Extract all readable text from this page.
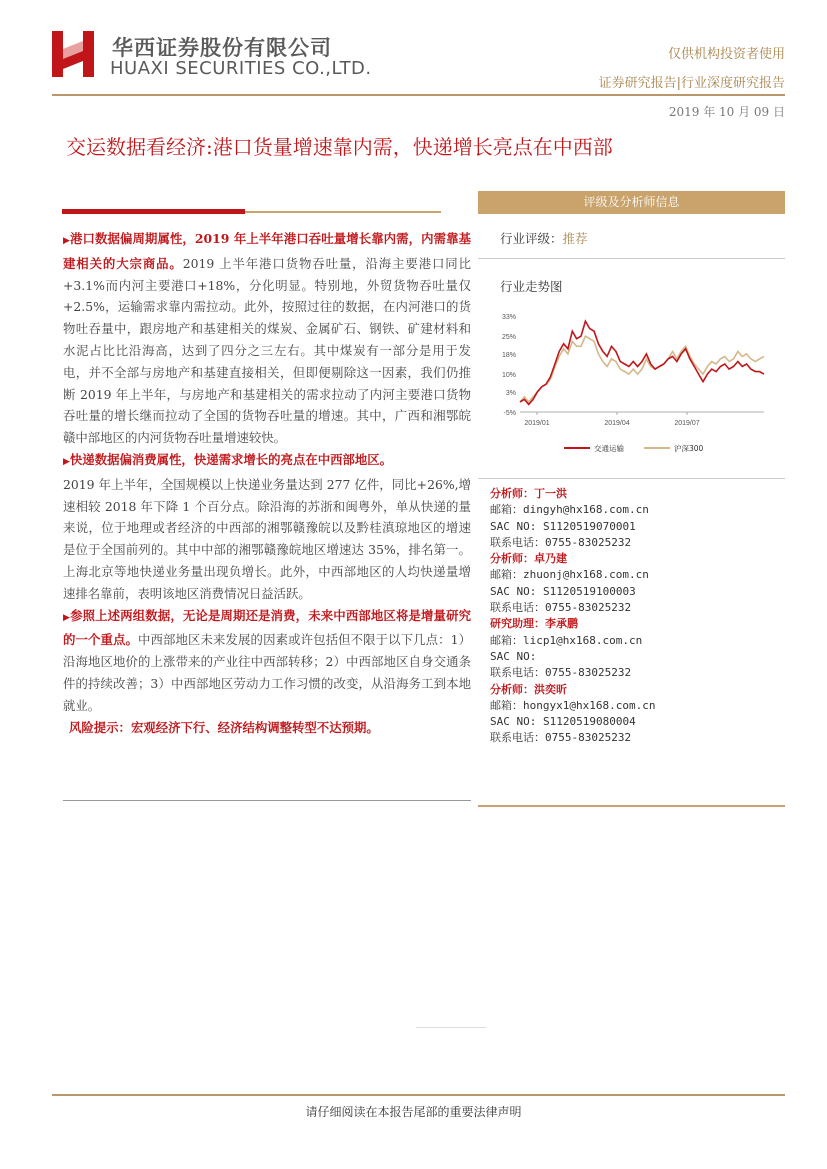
华西证券股份有限公司
HUAXI SECURITIES CO.,LTD.
仅供机构投资者使用
证券研究报告|行业深度研究报告
2019 年 10 月 09 日
交运数据看经济:港口货量增速靠内需，快递增长亮点在中西部

▶港口数据偏周期属性，2019 年上半年港口吞吐量增长靠内需，内需靠基建相关的大宗商品。2019 上半年港口货物吞吐量，沿海主要港口同比+3.1%而内河主要港口+18%，分化明显。特别地，外贸货物吞吐量仅+2.5%，运输需求靠内需拉动。此外，按照过往的数据，在内河港口的货物吐吞量中，跟房地产和基建相关的煤炭、金属矿石、钢铁、矿建材料和水泥占比比沿海高，达到了四分之三左右。其中煤炭有一部分是用于发电，并不全部与房地产和基建直接相关，但即便剔除这一因素，我们仍推断 2019 年上半年，与房地产和基建相关的需求拉动了内河主要港口货物吞吐量的增长继而拉动了全国的货物吞吐量的增速。其中，广西和湘鄂皖赣中部地区的内河货物吞吐量增速较快。

▶快递数据偏消费属性，快递需求增长的亮点在中西部地区。

2019 年上半年，全国规模以上快递业务量达到 277 亿件，同比+26%,增速相较 2018 年下降 1 个百分点。除沿海的苏浙和闽粤外，单从快递的量来说，位于地理或者经济的中西部的湘鄂赣豫皖以及黔桂滇琼地区的增速是位于全国前列的。其中中部的湘鄂赣豫皖地区增速达 35%，排名第一。上海北京等地快递业务量出现负增长。此外，中西部地区的人均快递量增速排名靠前，表明该地区消费情况日益活跃。

▶参照上述两组数据，无论是周期还是消费，未来中西部地区将是增量研究的一个重点。中西部地区未来发展的因素或许包括但不限于以下几点：1）沿海地区地价的上涨带来的产业往中西部转移；2）中西部地区自身交通条件的持续改善；3）中西部地区劳动力工作习惯的改变，从沿海务工到本地就业。

风险提示：宏观经济下行、经济结构调整转型不达预期。

评级及分析师信息
行业评级：推荐
行业走势图
-5%
3%
10%
18%
25%
33%
2019/01	2019/04	2019/07
交通运输	沪深300
分析师：丁一洪
邮箱：dingyh@hx168.com.cn
SAC NO: S1120519070001
联系电话：0755-83025232
分析师：卓乃建
邮箱：zhuonj@hx168.com.cn
SAC NO: S1120519100003
联系电话：0755-83025232
研究助理：李承鹏
邮箱：licp1@hx168.com.cn
SAC NO:
联系电话：0755-83025232
分析师：洪奕昕
邮箱：hongyx1@hx168.com.cn
SAC NO: S1120519080004
联系电话：0755-83025232
请仔细阅读在本报告尾部的重要法律声明
